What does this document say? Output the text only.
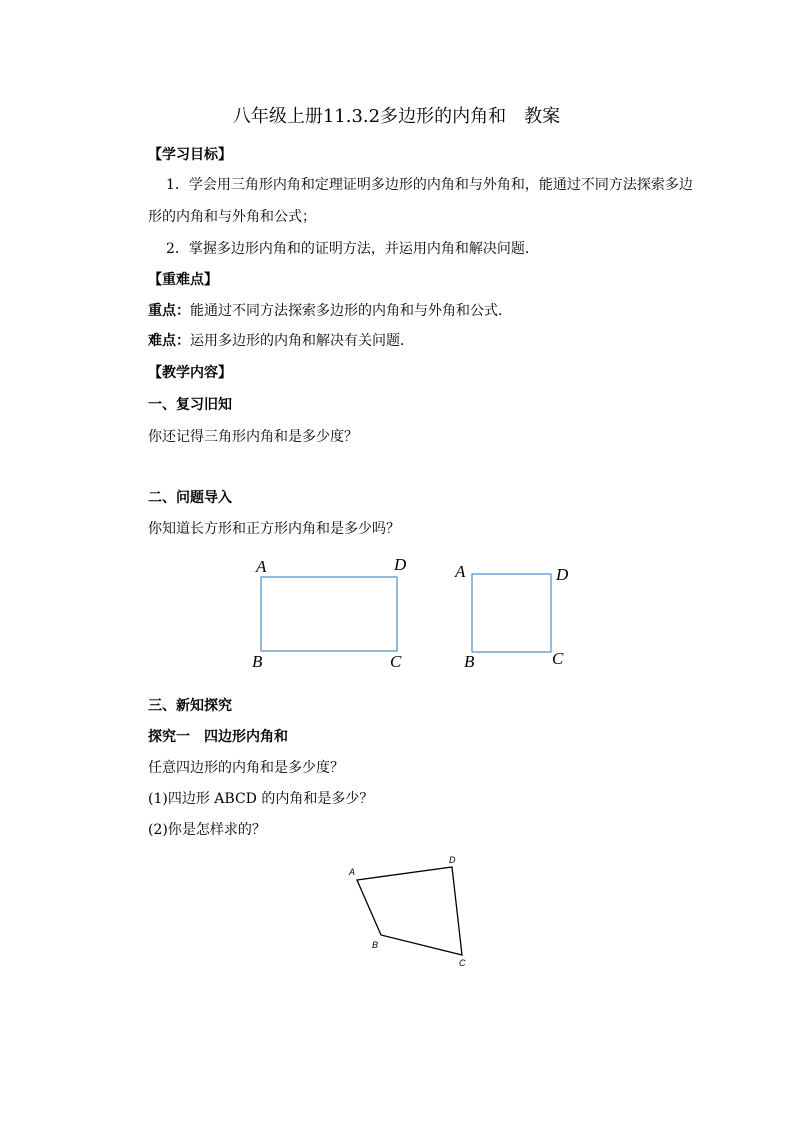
八年级上册11.3.2多边形的内角和 教案
【学习目标】
1．学会用三角形内角和定理证明多边形的内角和与外角和，能通过不同方法探索多边
形的内角和与外角和公式；
2．掌握多边形内角和的证明方法，并运用内角和解决问题．
【重难点】
重点：能通过不同方法探索多边形的内角和与外角和公式．
难点：运用多边形的内角和解决有关问题．
【教学内容】
一、复习旧知
你还记得三角形内角和是多少度？
二、问题导入
你知道长方形和正方形内角和是多少吗？
A	D
B	C
A	D
B	C
A
D
B
C
三、新知探究
探究一 四边形内角和
任意四边形的内角和是多少度？
(1)四边形 ABCD 的内角和是多少？
(2)你是怎样求的？
